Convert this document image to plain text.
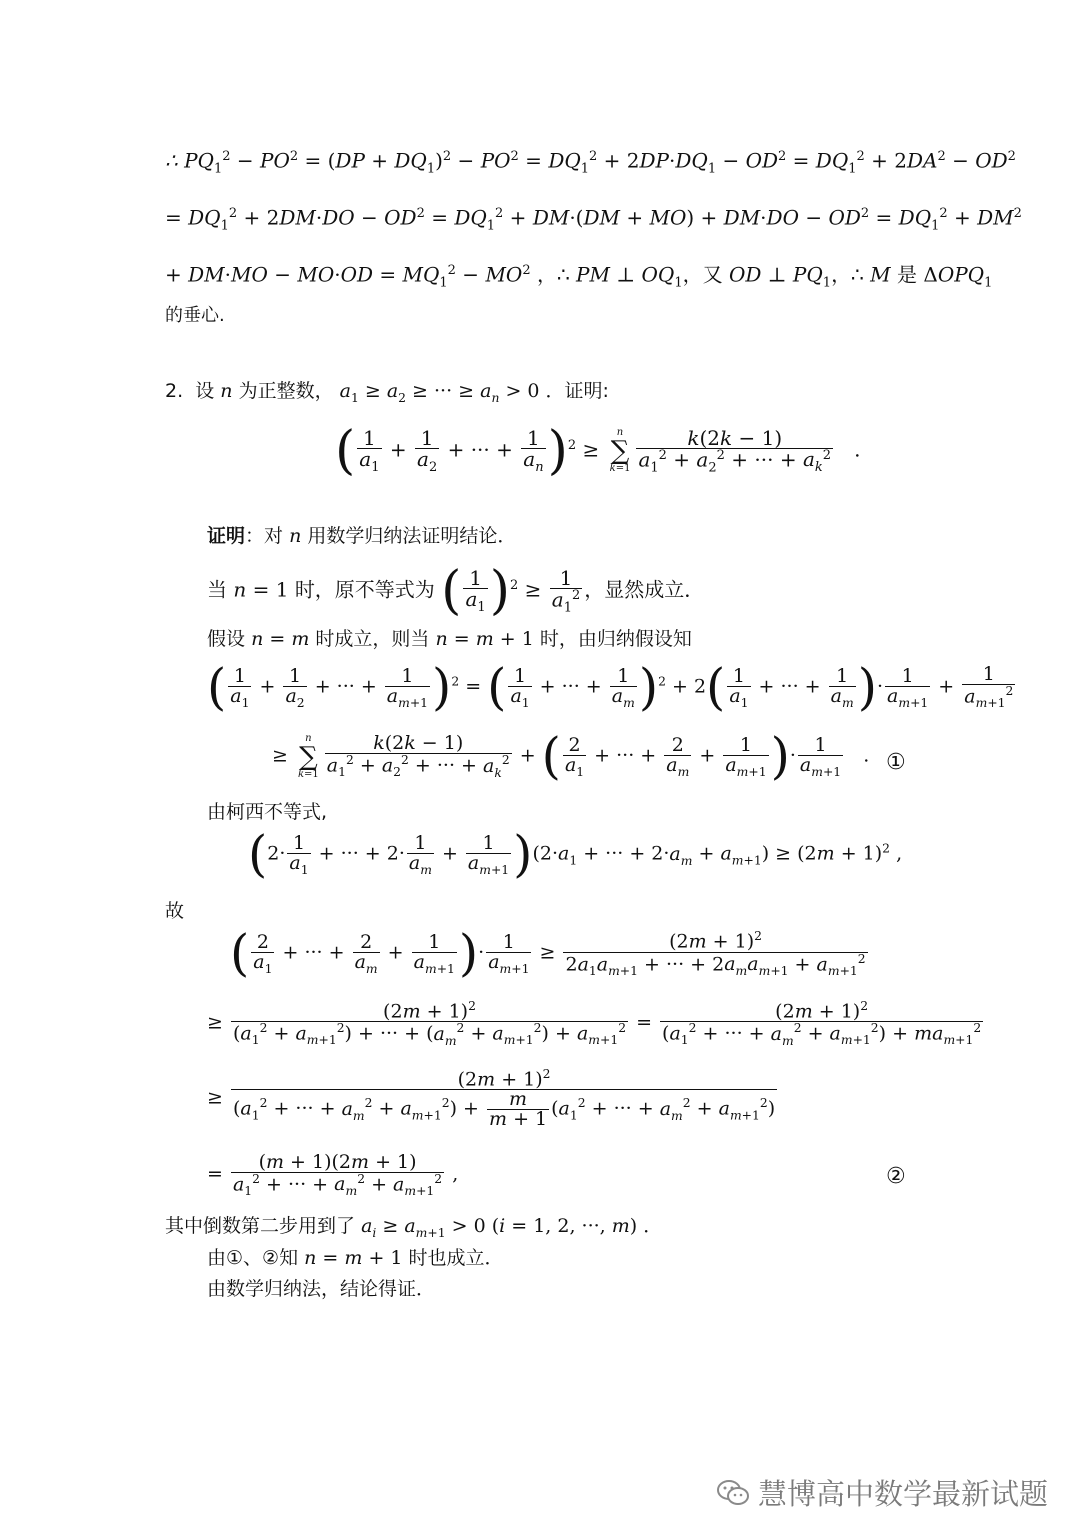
∴ $PQ_1^2 - PO^2 = (DP + DQ_1)^2 - PO^2 = DQ_1^2 + 2DP\cdot DQ_1 - OD^2 = DQ_1^2 + 2DA^2 - OD^2$
= $DQ_1^2 + 2DM\cdot DO - OD^2 = DQ_1^2 + DM\cdot(DM + MO) + DM\cdot DO - OD^2 = DQ_1^2 + DM^2$
+ $DM\cdot MO - MO\cdot OD = MQ_1^2 - MO^2$ ，∴ PM ⊥ $OQ_1$，又 OD ⊥ $PQ_1$，∴ M 是 $\Delta OPQ_1$
的垂心.
2.  设 n 为正整数， $a_1 \ge a_2$ ≥ ··· ≥ $a_n > 0$ ．证明:
( $\frac{1}{a_1} + \frac{1}{a_2}$ + ··· + $\frac{1}{a_n} )^2$ ≥
n
∑
$k=1 \frac{k(2k - 1)}{a_1^2 + a_2^2 + \cdot\cdot\cdot + a_k^2}$ .
证明：对 n 用数学归纳法证明结论．
当 n = 1 时，原不等式为 ( $\frac{1}{a_1} )^2 \ge \frac{1}{a_1^2}$ ，显然成立．
假设 n = m 时成立，则当 n = m + 1 时，由归纳假设知
( $\frac{1}{a_1} + \frac{1}{a_2}$ + ··· + $\frac{1}{a_{m+1}} )^2$ = ( $\frac{1}{a_1}$ + ··· + $\frac{1}{a_m} )^2 + 2( \frac{1}{a_1}$ + ··· + $\frac{1}{a_m}$ )· $\frac{1}{a_{m+1}} + \frac{1}{a_{m+1}^2}$
≥
n
∑
$k=1 \frac{k(2k - 1)}{a_1^2 + a_2^2 + \cdot\cdot\cdot + a_k^2}$ + ( $\frac{2}{a_1}$ + ··· + $\frac{2}{a_m} + \frac{1}{a_{m+1}}$ )· $\frac{1}{a_{m+1}}$ . ①
由柯西不等式,
($2\cdot \frac{1}{a_1}$ + ··· + $2\cdot \frac{1}{a_m} + \frac{1}{a_{m+1}} )(2\cdot a_1$ + ··· + $2\cdot a_m + a_{m+1}) \ge (2m + 1)^2$ ,
故
( $\frac{2}{a_1}$ + ··· + $\frac{2}{a_m} + \frac{1}{a_{m+1}}$ )· $\frac{1}{a_{m+1}} \ge \frac{(2m + 1)^2}{2a_1a_{m+1} + \cdot\cdot\cdot + 2a_ma_{m+1} + a_{m+1}^2}$
≥ $\frac{(2m + 1)^2}{(a_1^2 + a_{m+1}^2) + \cdot\cdot\cdot + (a_m^2 + a_{m+1}^2) + a_{m+1}^2} = \frac{(2m + 1)^2}{(a_1^2 + \cdot\cdot\cdot + a_m^2 + a_{m+1}^2) + ma_{m+1}^2}$
≥ $\frac{(2m + 1)^2}{(a_1^2 + \cdot\cdot\cdot + a_m^2 + a_{m+1}^2) + \frac{m}{m + 1} (a_1^2 + \cdot\cdot\cdot + a_m^2 + a_{m+1}^2)}$
= $\frac{(m + 1)(2m + 1)}{a_1^2 + \cdot\cdot\cdot + a_m^2 + a_{m+1}^2}$ ,	②
其中倒数第二步用到了 $a_i \ge a_{m+1} > 0$ (i = 1, 2, ···, m) ．
由①、②知 n = m + 1 时也成立．
由数学归纳法，结论得证．
慧博高中数学最新试题
